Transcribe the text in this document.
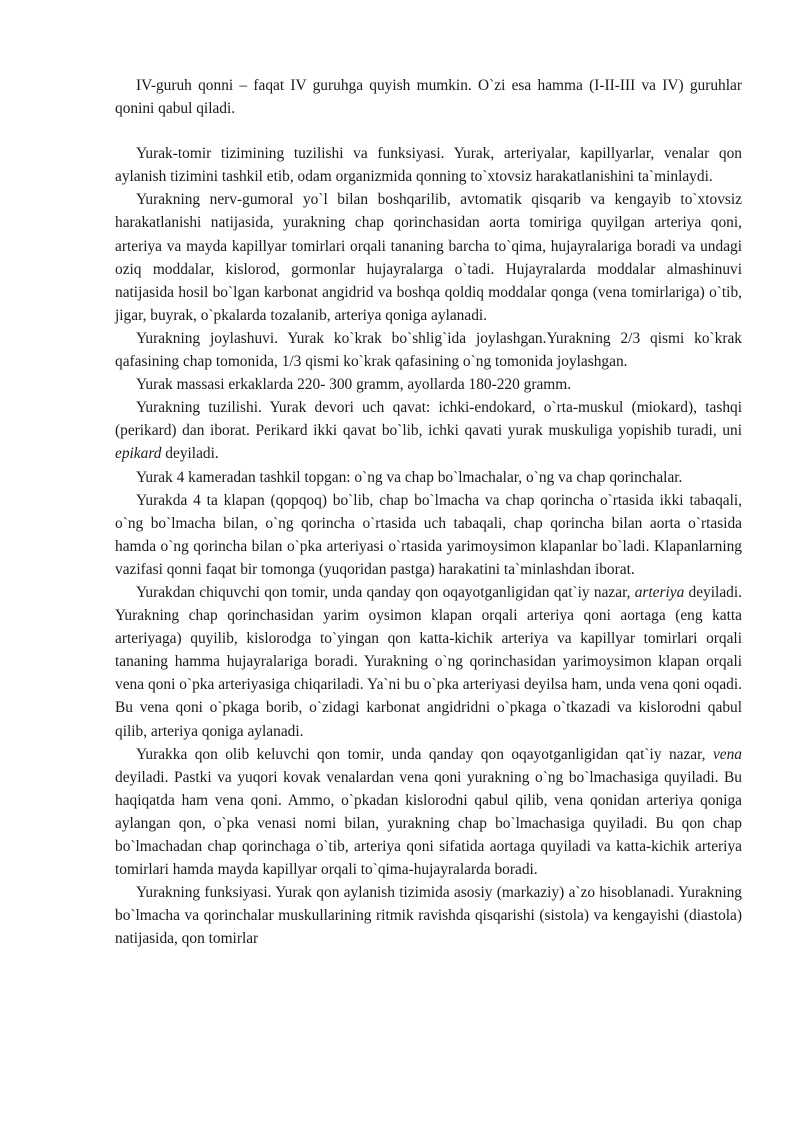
IV-guruh qonni – faqat IV guruhga quyish mumkin. O`zi esa hamma (I-II-III va IV) guruhlar qonini qabul qiladi.

Yurak-tomir tizimining tuzilishi va funksiyasi. Yurak, arteriyalar, kapillyarlar, venalar qon aylanish tizimini tashkil etib, odam organizmida qonning to`xtovsiz harakatlanishini ta`minlaydi.

Yurakning nerv-gumoral yo`l bilan boshqarilib, avtomatik qisqarib va kengayib to`xtovsiz harakatlanishi natijasida, yurakning chap qorinchasidan aorta tomiriga quyilgan arteriya qoni, arteriya va mayda kapillyar tomirlari orqali tananing barcha to`qima, hujayralariga boradi va undagi oziq moddalar, kislorod, gormonlar hujayralarga o`tadi. Hujayralarda moddalar almashinuvi natijasida hosil bo`lgan karbonat angidrid va boshqa qoldiq moddalar qonga (vena tomirlariga) o`tib, jigar, buyrak, o`pkalarda tozalanib, arteriya qoniga aylanadi.

Yurakning joylashuvi. Yurak ko`krak bo`shlig`ida joylashgan.Yurakning 2/3 qismi ko`krak qafasining chap tomonida, 1/3 qismi ko`krak qafasining o`ng tomonida joylashgan.

Yurak massasi erkaklarda 220- 300 gramm, ayollarda 180-220 gramm.

Yurakning tuzilishi. Yurak devori uch qavat: ichki-endokard, o`rta-muskul (miokard), tashqi (perikard) dan iborat. Perikard ikki qavat bo`lib, ichki qavati yurak muskuliga yopishib turadi, uni epikard deyiladi.

Yurak 4 kameradan tashkil topgan: o`ng va chap bo`lmachalar, o`ng va chap qorinchalar.

Yurakda 4 ta klapan (qopqoq) bo`lib, chap bo`lmacha va chap qorincha o`rtasida ikki tabaqali, o`ng bo`lmacha bilan, o`ng qorincha o`rtasida uch tabaqali, chap qorincha bilan aorta o`rtasida hamda o`ng qorincha bilan o`pka arteriyasi o`rtasida yarimoysimon klapanlar bo`ladi. Klapanlarning vazifasi qonni faqat bir tomonga (yuqoridan pastga) harakatini ta`minlashdan iborat.

Yurakdan chiquvchi qon tomir, unda qanday qon oqayotganligidan qat`iy nazar, arteriya deyiladi. Yurakning chap qorinchasidan yarim oysimon klapan orqali arteriya qoni aortaga (eng katta arteriyaga) quyilib, kislorodga to`yingan qon katta-kichik arteriya va kapillyar tomirlari orqali tananing hamma hujayralariga boradi. Yurakning o`ng qorinchasidan yarimoysimon klapan orqali vena qoni o`pka arteriyasiga chiqariladi. Ya`ni bu o`pka arteriyasi deyilsa ham, unda vena qoni oqadi. Bu vena qoni o`pkaga borib, o`zidagi karbonat angidridni o`pkaga o`tkazadi va kislorodni qabul qilib, arteriya qoniga aylanadi.

Yurakka qon olib keluvchi qon tomir, unda qanday qon oqayotganligidan qat`iy nazar, vena deyiladi. Pastki va yuqori kovak venalardan vena qoni yurakning o`ng bo`lmachasiga quyiladi. Bu haqiqatda ham vena qoni. Ammo, o`pkadan kislorodni qabul qilib, vena qonidan arteriya qoniga aylangan qon, o`pka venasi nomi bilan, yurakning chap bo`lmachasiga quyiladi. Bu qon chap bo`lmachadan chap qorinchaga o`tib, arteriya qoni sifatida aortaga quyiladi va katta-kichik arteriya tomirlari hamda mayda kapillyar orqali to`qima-hujayralarda boradi.

Yurakning funksiyasi. Yurak qon aylanish tizimida asosiy (markaziy) a`zo hisoblanadi. Yurakning bo`lmacha va qorinchalar muskullarining ritmik ravishda qisqarishi (sistola) va kengayishi (diastola) natijasida, qon tomirlar
